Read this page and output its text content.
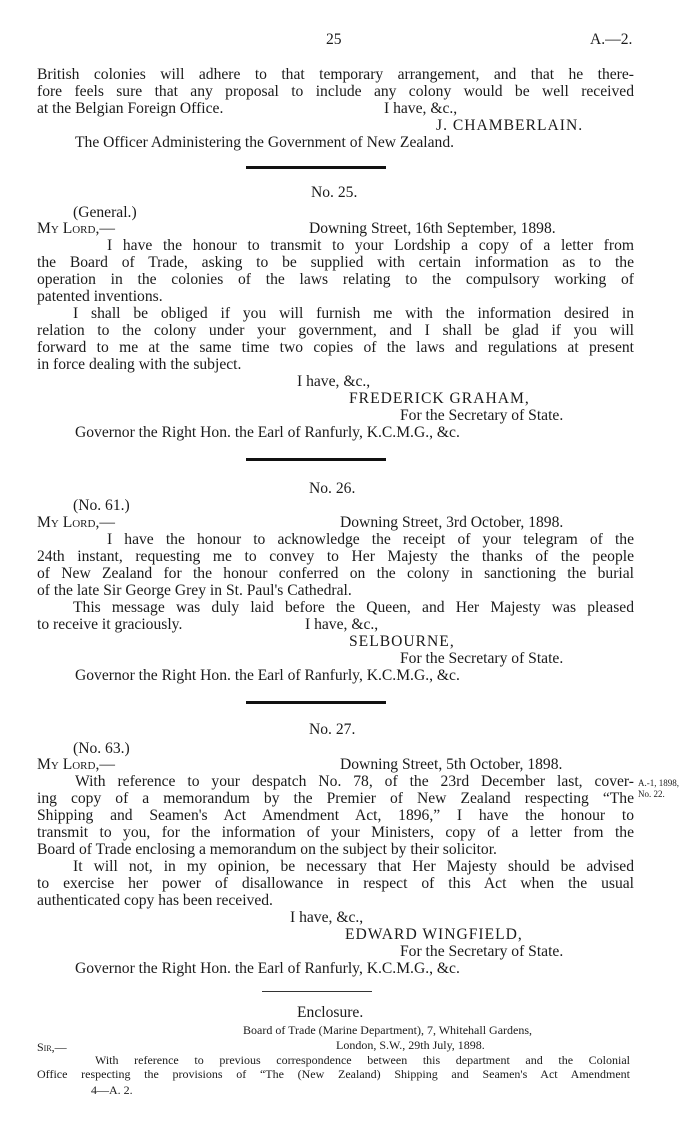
25	A.—2.
British colonies will adhere to that temporary arrangement, and that he there-
fore feels sure that any proposal to include any colony would be well received
at the Belgian Foreign Office.	I have, &c.,
J. CHAMBERLAIN.
The Officer Administering the Government of New Zealand.
No. 25.
(General.)
My Lord,—	Downing Street, 16th September, 1898.
I have the honour to transmit to your Lordship a copy of a letter from
the Board of Trade, asking to be supplied with certain information as to the
operation in the colonies of the laws relating to the compulsory working of
patented inventions.
I shall be obliged if you will furnish me with the information desired in
relation to the colony under your government, and I shall be glad if you will
forward to me at the same time two copies of the laws and regulations at present
in force dealing with the subject.
I have, &c.,
FREDERICK GRAHAM,
For the Secretary of State.
Governor the Right Hon. the Earl of Ranfurly, K.C.M.G., &c.
No. 26.
(No. 61.)
My Lord,—	Downing Street, 3rd October, 1898.
I have the honour to acknowledge the receipt of your telegram of the
24th instant, requesting me to convey to Her Majesty the thanks of the people
of New Zealand for the honour conferred on the colony in sanctioning the burial
of the late Sir George Grey in St. Paul's Cathedral.
This message was duly laid before the Queen, and Her Majesty was pleased
to receive it graciously.	I have, &c.,
SELBOURNE,
For the Secretary of State.
Governor the Right Hon. the Earl of Ranfurly, K.C.M.G., &c.
No. 27.
(No. 63.)
My Lord,—	Downing Street, 5th October, 1898.
With reference to your despatch No. 78, of the 23rd December last, cover-
ing copy of a memorandum by the Premier of New Zealand respecting “The
Shipping and Seamen's Act Amendment Act, 1896,” I have the honour to
transmit to you, for the information of your Ministers, copy of a letter from the
Board of Trade enclosing a memorandum on the subject by their solicitor.
It will not, in my opinion, be necessary that Her Majesty should be advised
to exercise her power of disallowance in respect of this Act when the usual
authenticated copy has been received.
I have, &c.,
EDWARD WINGFIELD,
For the Secretary of State.
Governor the Right Hon. the Earl of Ranfurly, K.C.M.G., &c.
A.-1, 1898,
No. 22.
Enclosure.
Board of Trade (Marine Department), 7, Whitehall Gardens,
London, S.W., 29th July, 1898.
Sir,—
With reference to previous correspondence between this department and the Colonial
Office respecting the provisions of “The (New Zealand) Shipping and Seamen's Act Amendment
4—A. 2.
